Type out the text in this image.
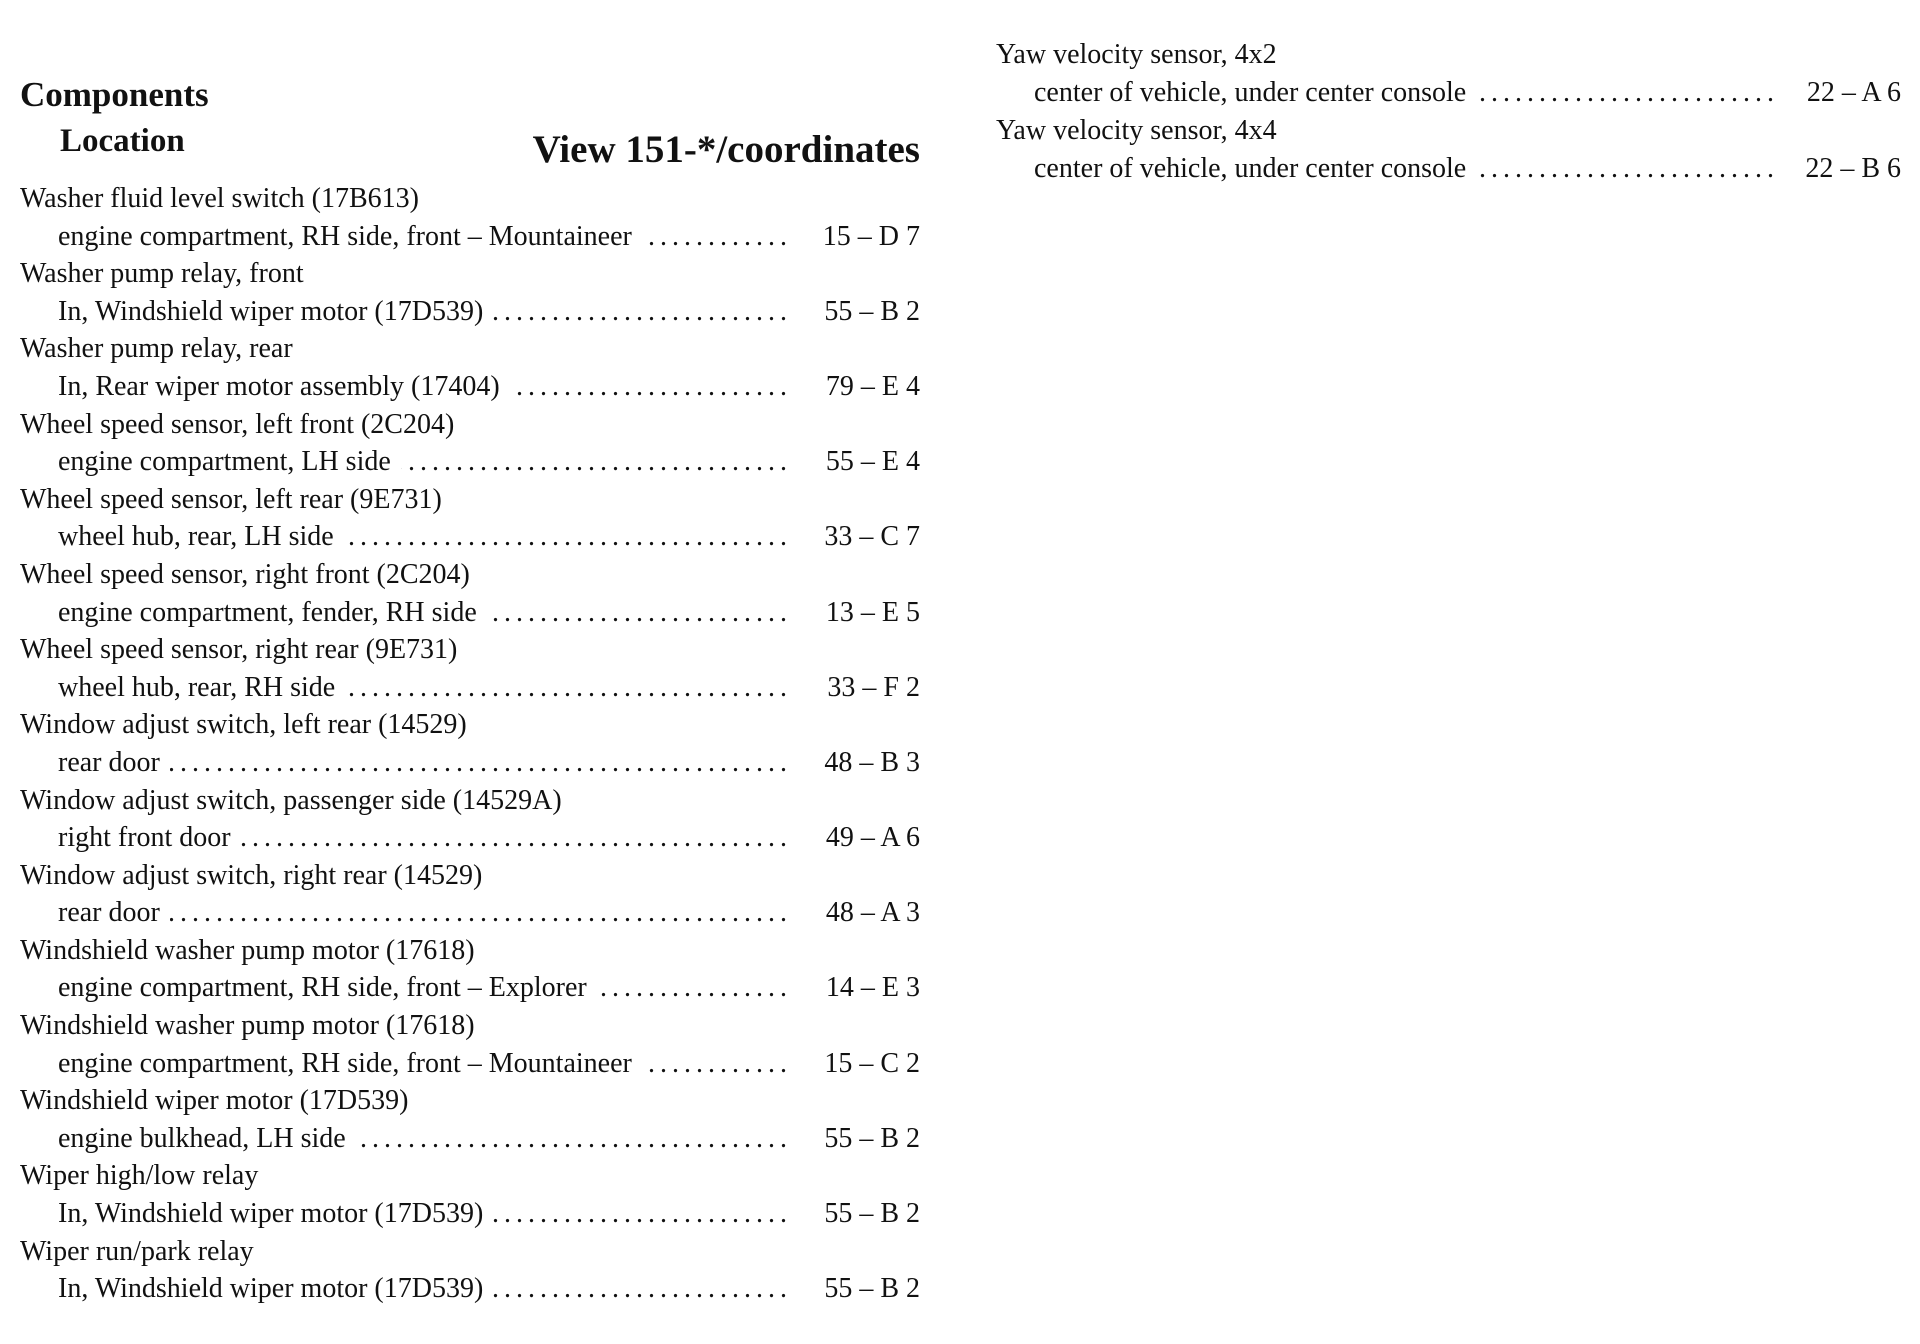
Components
Location	View 151-*/coordinates
Washer fluid level switch (17B613)
engine compartment, RH side, front – Mountaineer .....	15 – D 7
Washer pump relay, front
In, Windshield wiper motor (17D539) .....	55 – B 2
Washer pump relay, rear
In, Rear wiper motor assembly (17404) .....	79 – E 4
Wheel speed sensor, left front (2C204)
engine compartment, LH side .....	55 – E 4
Wheel speed sensor, left rear (9E731)
wheel hub, rear, LH side .....	33 – C 7
Wheel speed sensor, right front (2C204)
engine compartment, fender, RH side .....	13 – E 5
Wheel speed sensor, right rear (9E731)
wheel hub, rear, RH side .....	33 – F 2
Window adjust switch, left rear (14529)
rear door .....	48 – B 3
Window adjust switch, passenger side (14529A)
right front door .....	49 – A 6
Window adjust switch, right rear (14529)
rear door .....	48 – A 3
Windshield washer pump motor (17618)
engine compartment, RH side, front – Explorer .....	14 – E 3
Windshield washer pump motor (17618)
engine compartment, RH side, front – Mountaineer .....	15 – C 2
Windshield wiper motor (17D539)
engine bulkhead, LH side .....	55 – B 2
Wiper high/low relay
In, Windshield wiper motor (17D539) .....	55 – B 2
Wiper run/park relay
In, Windshield wiper motor (17D539) .....	55 – B 2
Yaw velocity sensor, 4x2
center of vehicle, under center console .....	22 – A 6
Yaw velocity sensor, 4x4
center of vehicle, under center console .....	22 – B 6
